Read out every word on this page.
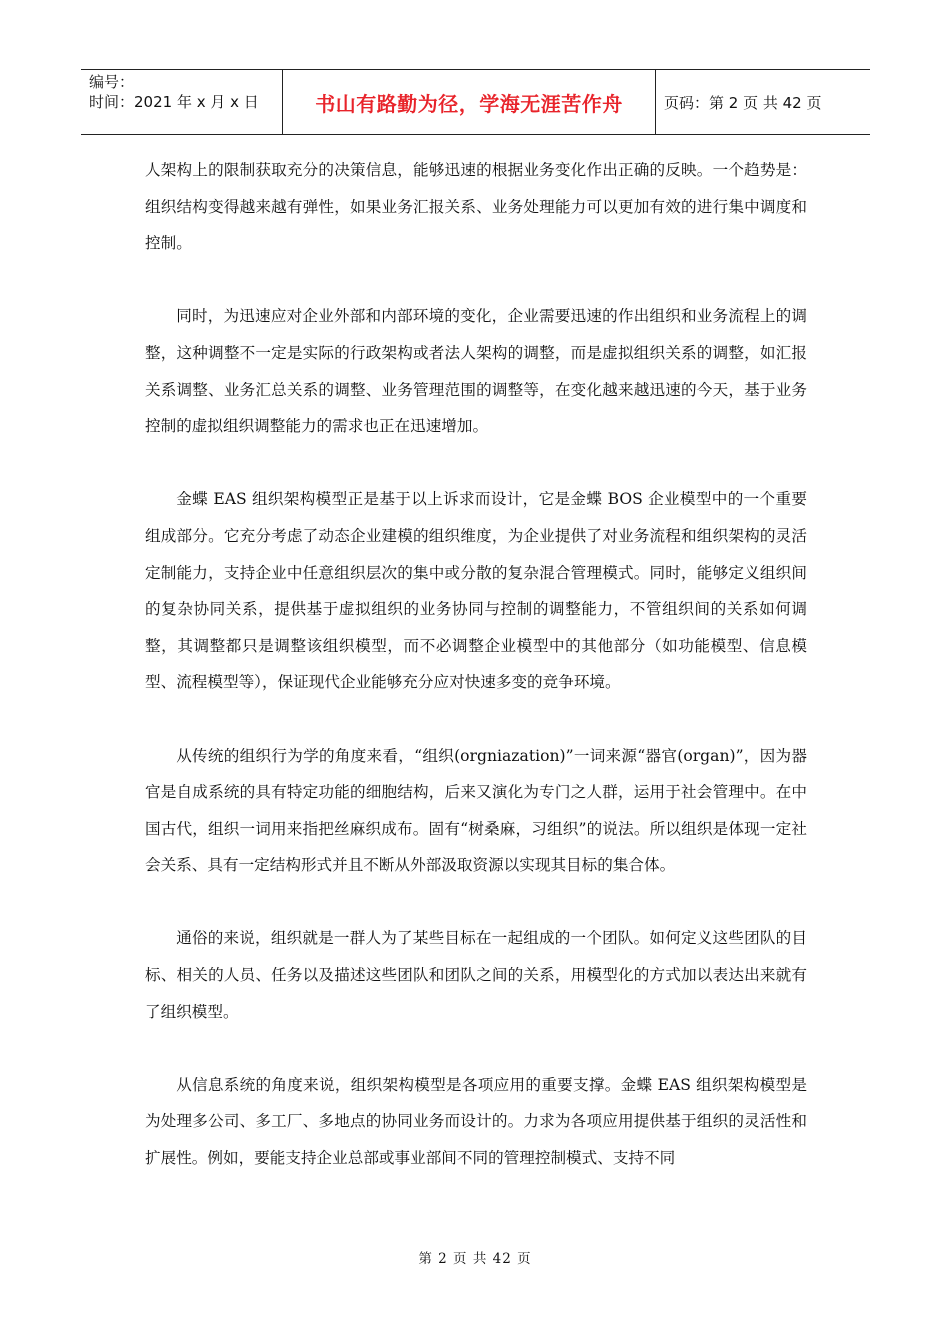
编号：
时间：2021 年 x 月 x 日	书山有路勤为径，学海无涯苦作舟	页码：第 2 页 共 42 页

人架构上的限制获取充分的决策信息，能够迅速的根据业务变化作出正确的反映。一个趋势是：组织结构变得越来越有弹性，如果业务汇报关系、业务处理能力可以更加有效的进行集中调度和控制。

同时，为迅速应对企业外部和内部环境的变化，企业需要迅速的作出组织和业务流程上的调整，这种调整不一定是实际的行政架构或者法人架构的调整，而是虚拟组织关系的调整，如汇报关系调整、业务汇总关系的调整、业务管理范围的调整等，在变化越来越迅速的今天，基于业务控制的虚拟组织调整能力的需求也正在迅速增加。

金蝶 EAS 组织架构模型正是基于以上诉求而设计，它是金蝶 BOS 企业模型中的一个重要组成部分。它充分考虑了动态企业建模的组织维度，为企业提供了对业务流程和组织架构的灵活定制能力，支持企业中任意组织层次的集中或分散的复杂混合管理模式。同时，能够定义组织间的复杂协同关系，提供基于虚拟组织的业务协同与控制的调整能力，不管组织间的关系如何调整，其调整都只是调整该组织模型，而不必调整企业模型中的其他部分（如功能模型、信息模型、流程模型等），保证现代企业能够充分应对快速多变的竞争环境。

从传统的组织行为学的角度来看，“组织(orgniazation)”一词来源“器官(organ)”，因为器官是自成系统的具有特定功能的细胞结构，后来又演化为专门之人群，运用于社会管理中。在中国古代，组织一词用来指把丝麻织成布。固有“树桑麻，习组织”的说法。所以组织是体现一定社会关系、具有一定结构形式并且不断从外部汲取资源以实现其目标的集合体。

通俗的来说，组织就是一群人为了某些目标在一起组成的一个团队。如何定义这些团队的目标、相关的人员、任务以及描述这些团队和团队之间的关系，用模型化的方式加以表达出来就有了组织模型。

从信息系统的角度来说，组织架构模型是各项应用的重要支撑。金蝶 EAS 组织架构模型是为处理多公司、多工厂、多地点的协同业务而设计的。力求为各项应用提供基于组织的灵活性和扩展性。例如，要能支持企业总部或事业部间不同的管理控制模式、支持不同

第 2 页 共 42 页
